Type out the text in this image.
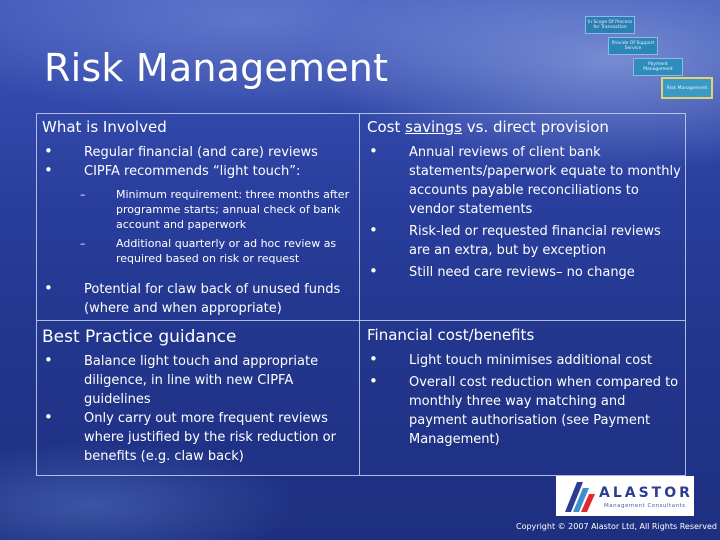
Risk Management
In Scope Of Process for Transaction
Provide Of Support Service
Payment Management
Risk Management
What is Involved
• Regular financial (and care) reviews
• CIPFA recommends “light touch”:
–	Minimum requirement: three months after programme starts; annual check of bank account and paperwork
–	Additional quarterly or ad hoc review as required based on risk or request
• Potential for claw back of unused funds (where and when appropriate)
Cost savings vs. direct provision
• Annual reviews of client bank statements/paperwork equate to monthly accounts payable reconciliations to vendor statements
• Risk-led or requested financial reviews are an extra, but by exception
• Still need care reviews– no change
Best Practice guidance
• Balance light touch and appropriate diligence, in line with new CIPFA guidelines
• Only carry out more frequent reviews where justified by the risk reduction or benefits (e.g. claw back)
Financial cost/benefits
• Light touch minimises additional cost
• Overall cost reduction when compared to monthly three way matching and payment authorisation (see Payment Management)
ALASTOR
Management Consultants
Copyright © 2007 Alastor Ltd, All Rights Reserved
